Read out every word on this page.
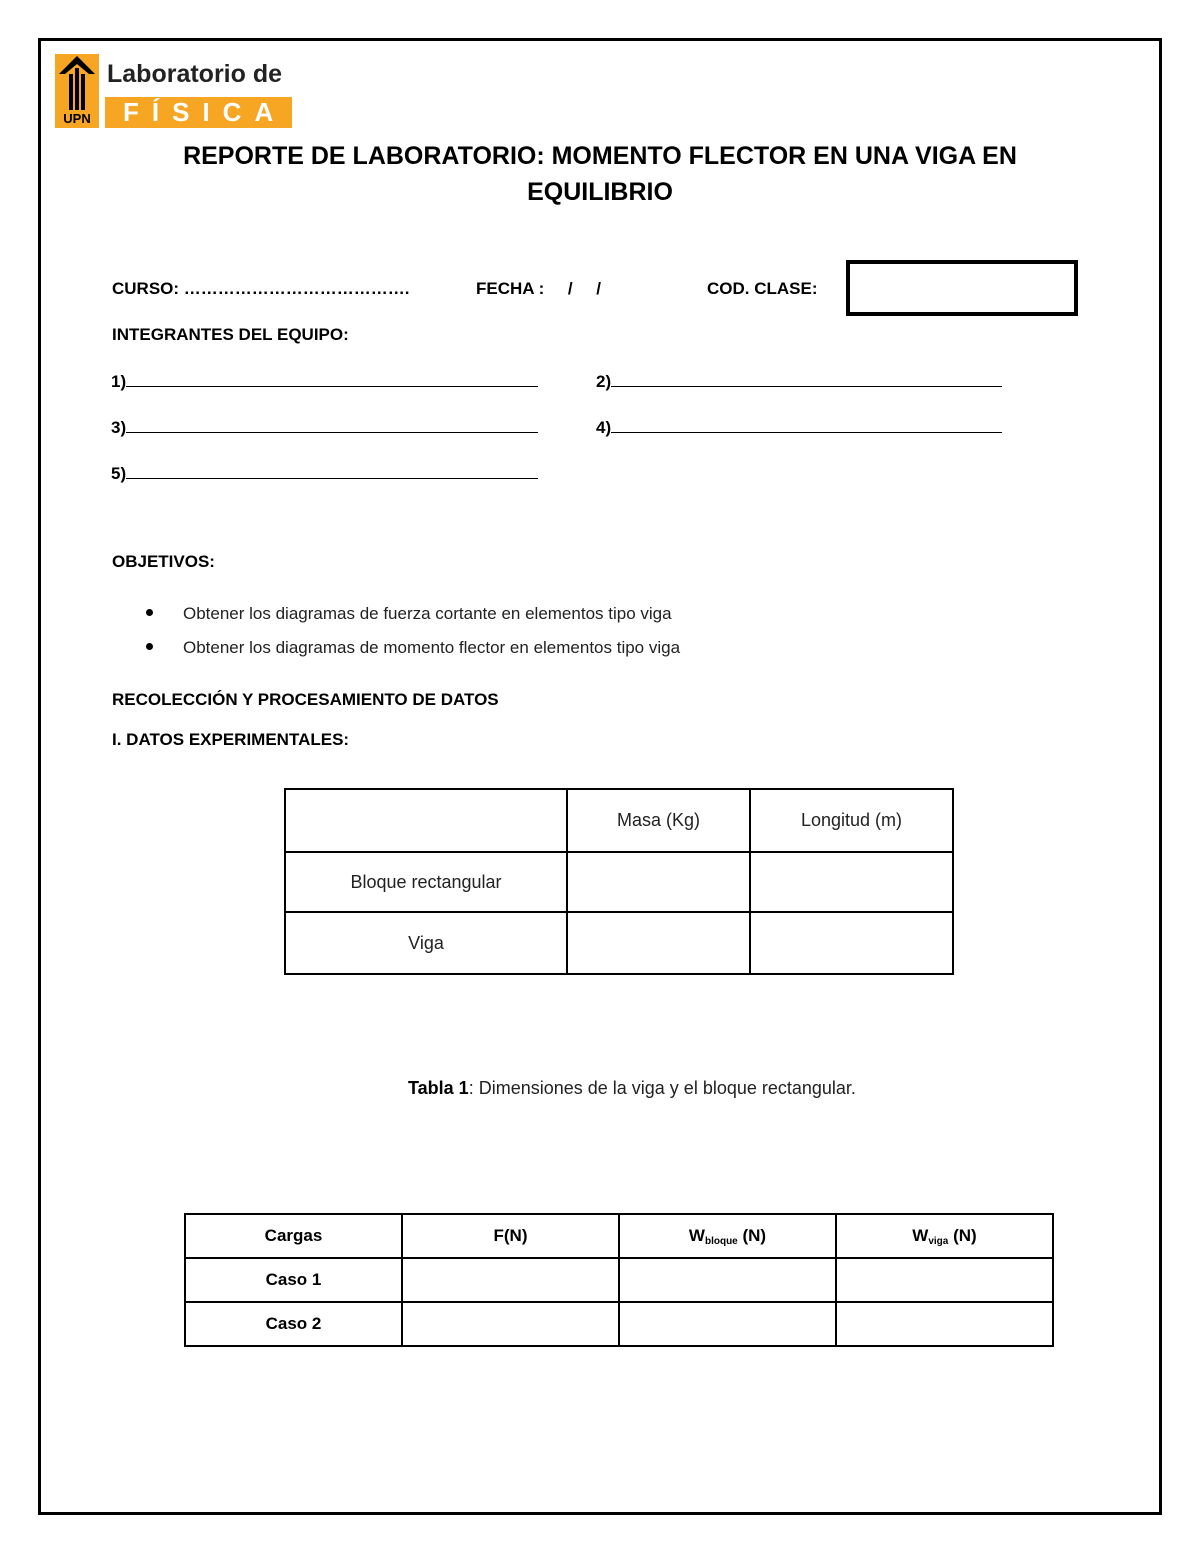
UPN
Laboratorio de
FÍSICA
REPORTE DE LABORATORIO: MOMENTO FLECTOR EN UNA VIGA EN
EQUILIBRIO
CURSO: ………………………………….	FECHA :     /     /	COD. CLASE:
INTEGRANTES DEL EQUIPO:
1)	2)
3)	4)
5)
OBJETIVOS:
Obtener los diagramas de fuerza cortante en elementos tipo viga
Obtener los diagramas de momento flector en elementos tipo viga
RECOLECCIÓN Y PROCESAMIENTO DE DATOS
I. DATOS EXPERIMENTALES:
	Masa (Kg)	Longitud (m)
Bloque rectangular		
Viga		
Tabla 1: Dimensiones de la viga y el bloque rectangular.
Cargas	F(N)	$W_{bloque}$ (N)	$W_{viga}$ (N)
Caso 1			
Caso 2			
